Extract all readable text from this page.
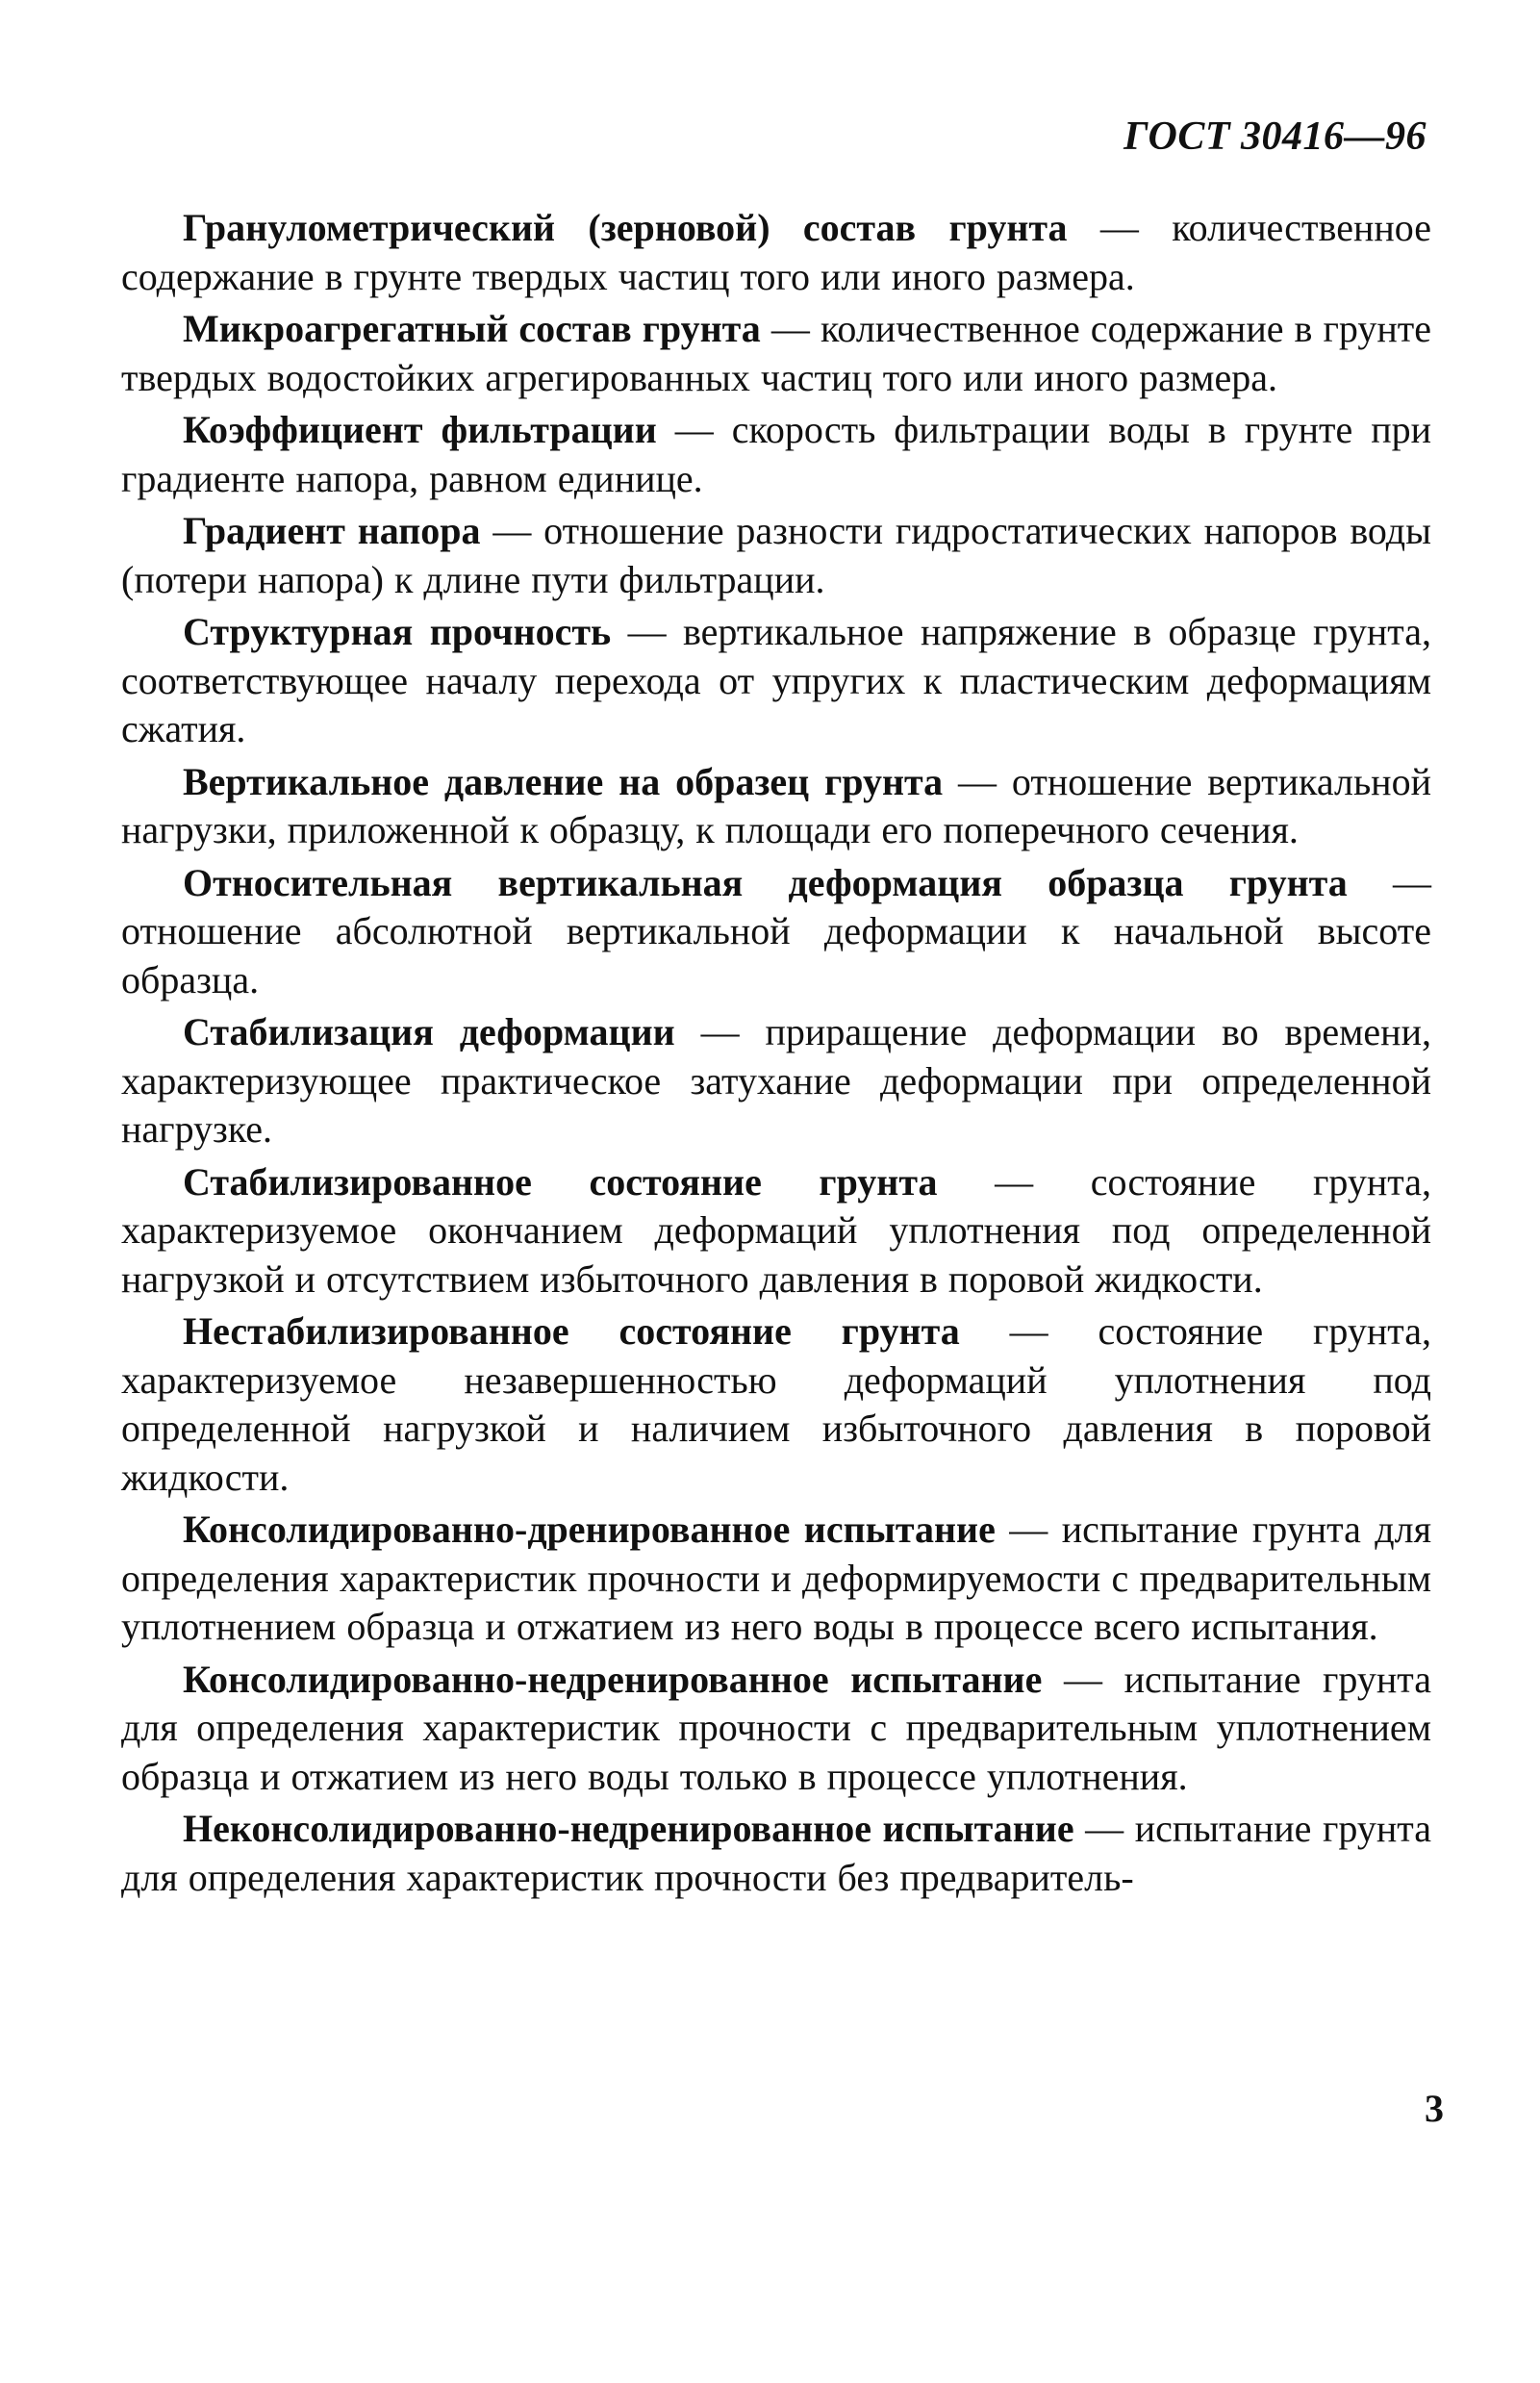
ГОСТ 30416—96

Гранулометрический (зерновой) состав грунта — количественное содержание в грунте твердых частиц того или иного размера.

Микроагрегатный состав грунта — количественное содержание в грунте твердых водостойких агрегированных частиц того или иного размера.

Коэффициент фильтрации — скорость фильтрации воды в грунте при градиенте напора, равном единице.

Градиент напора — отношение разности гидростатических напоров воды (потери напора) к длине пути фильтрации.

Структурная прочность — вертикальное напряжение в образце грунта, соответствующее началу перехода от упругих к пластическим деформациям сжатия.

Вертикальное давление на образец грунта — отношение вертикальной нагрузки, приложенной к образцу, к площади его поперечного сечения.

Относительная вертикальная деформация образца грунта — отношение абсолютной вертикальной деформации к начальной высоте образца.

Стабилизация деформации — приращение деформации во времени, характеризующее практическое затухание деформации при определенной нагрузке.

Стабилизированное состояние грунта — состояние грунта, характеризуемое окончанием деформаций уплотнения под определенной нагрузкой и отсутствием избыточного давления в поровой жидкости.

Нестабилизированное состояние грунта — состояние грунта, характеризуемое незавершенностью деформаций уплотнения под определенной нагрузкой и наличием избыточного давления в поровой жидкости.

Консолидированно-дренированное испытание — испытание грунта для определения характеристик прочности и деформируемости с предварительным уплотнением образца и отжатием из него воды в процессе всего испытания.

Консолидированно-недренированное испытание — испытание грунта для определения характеристик прочности с предварительным уплотнением образца и отжатием из него воды только в процессе уплотнения.

Неконсолидированно-недренированное испытание — испытание грунта для определения характеристик прочности без предваритель-

3
